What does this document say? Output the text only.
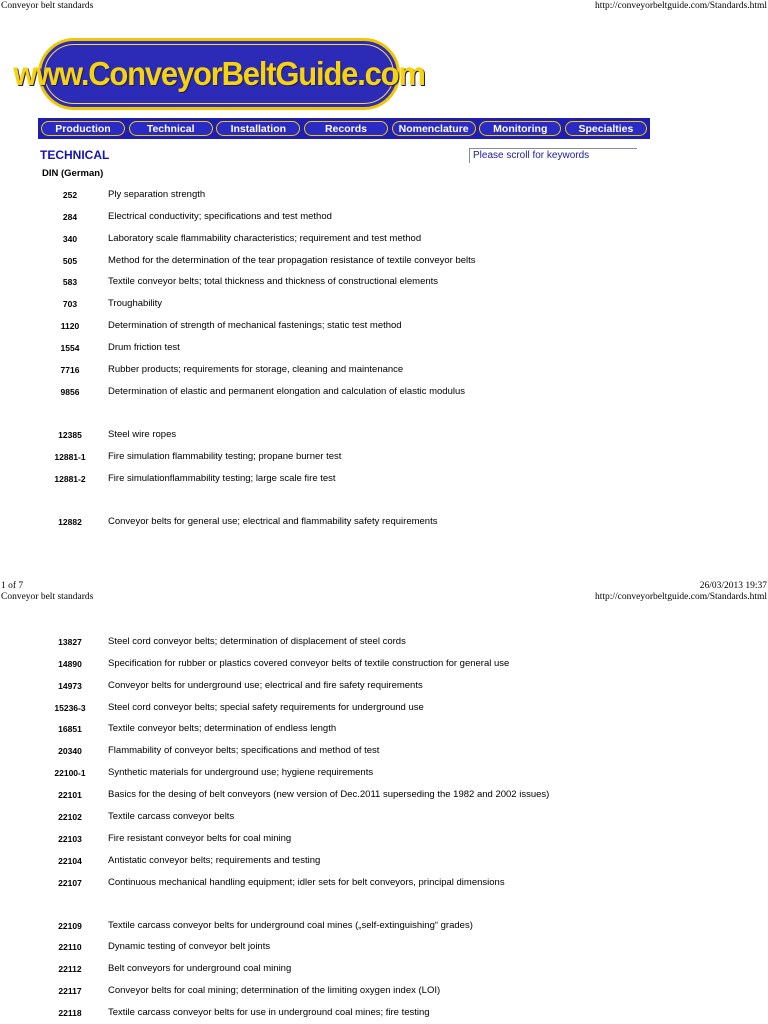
Conveyor belt standards	http://conveyorbeltguide.com/Standards.html
www.ConveyorBeltGuide.com
Production	Technical	Installation	Records	Nomenclature	Monitoring	Specialties
TECHNICAL	Please scroll for keywords
DIN (German)
252	Ply separation strength
284	Electrical conductivity; specifications and test method
340	Laboratory scale flammability characteristics; requirement and test method
505	Method for the determination of the tear propagation resistance of textile conveyor belts
583	Textile conveyor belts; total thickness and thickness of constructional elements
703	Troughability
1120	Determination of strength of mechanical fastenings; static test method
1554	Drum friction test
7716	Rubber products; requirements for storage, cleaning and maintenance
9856	Determination of elastic and permanent elongation and calculation of elastic modulus
12385	Steel wire ropes
12881-1	Fire simulation flammability testing; propane burner test
12881-2	Fire simulationflammability testing; large scale fire test
12882	Conveyor belts for general use; electrical and flammability safety requirements
1 of 7	26/03/2013 19:37
Conveyor belt standards	http://conveyorbeltguide.com/Standards.html
13827	Steel cord conveyor belts; determination of displacement of steel cords
14890	Specification for rubber or plastics covered conveyor belts of textile construction for general use
14973	Conveyor belts for underground use; electrical and fire safety requirements
15236-3	Steel cord conveyor belts; special safety requirements for underground use
16851	Textile conveyor belts; determination of endless length
20340	Flammability of conveyor belts; specifications and method of test
22100-1	Synthetic materials for underground use; hygiene requirements
22101	Basics for the desing of belt conveyors (new version of Dec.2011 superseding the 1982 and 2002 issues)
22102	Textile carcass conveyor belts
22103	Fire resistant conveyor belts for coal mining
22104	Antistatic conveyor belts; requirements and testing
22107	Continuous mechanical handling equipment; idler sets for belt conveyors, principal dimensions
22109	Textile carcass conveyor belts for underground coal mines („self-extinguishing“ grades)
22110	Dynamic testing of conveyor belt joints
22112	Belt conveyors for underground coal mining
22117	Conveyor belts for coal mining; determination of the limiting oxygen index (LOI)
22118	Textile carcass conveyor belts for use in underground coal mines; fire testing
